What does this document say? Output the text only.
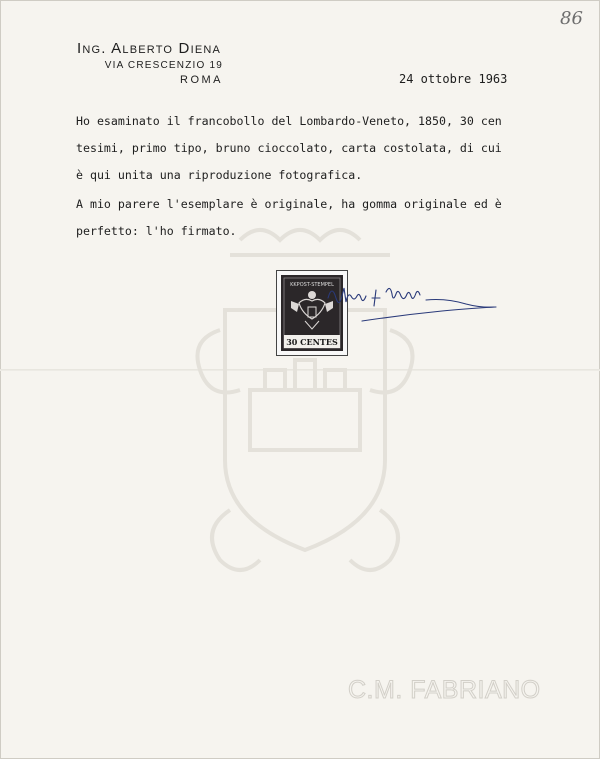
C.M. FABRIANO
86
Ing. Alberto Diena
VIA CRESCENZIO 19
ROMA	24 ottobre 1963
Ho esaminato il francobollo del Lombardo-Veneto, 1850, 30 cen
tesimi, primo tipo, bruno cioccolato, carta costolata, di cui
è qui unita una riproduzione fotografica.
A mio parere l'esemplare è originale, ha gomma originale ed è
perfetto: l'ho firmato.
KKPOST-STEMPEL
30 CENTES
